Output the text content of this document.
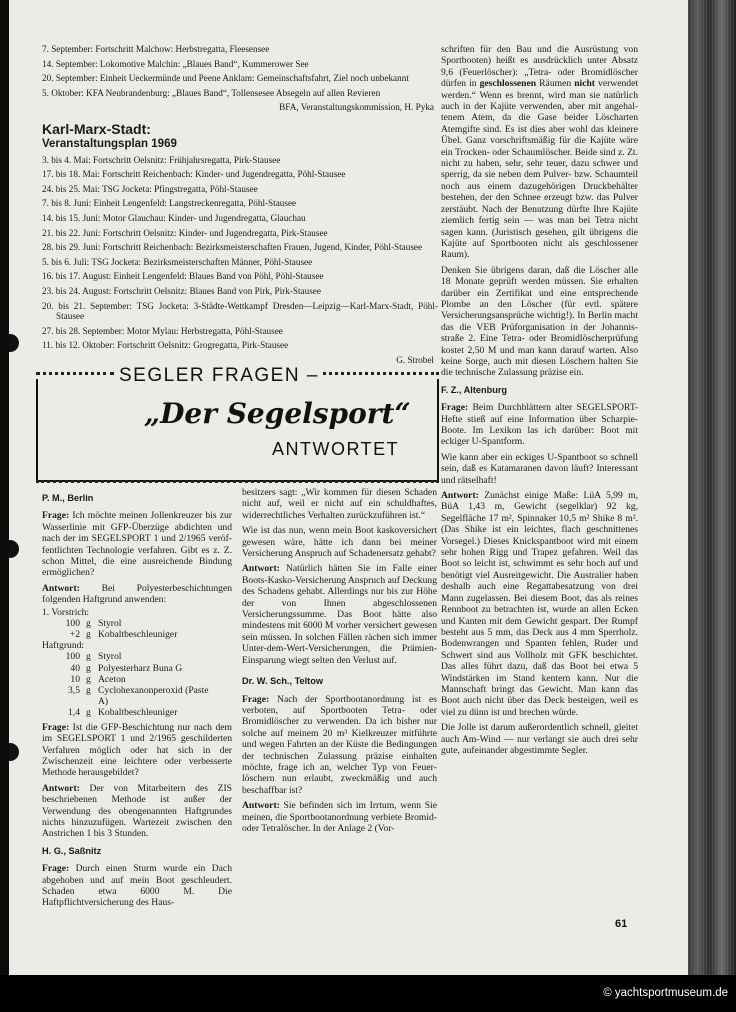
7. September: Fortschritt Malchow: Herbstregatta, Fleesensee

14. September: Lokomotive Malchin: „Blaues Band“, Kummerower See

20. September: Einheit Ueckermünde und Peene Anklam: Gemeinschaftsfahrt, Ziel noch unbekannt

5. Oktober: KFA Neubrandenburg: „Blaues Band“, Tollensesee Absegeln auf allen Revieren

BFA, Veranstaltungskommission, H. Pyka
Karl-Marx-Stadt:
Veranstaltungsplan 1969

3. bis 4. Mai: Fortschritt Oelsnitz: Frühjahrsregatta, Pirk-Stausee

17. bis 18. Mai: Fortschritt Reichenbach: Kinder- und Jugendregatta, Pöhl-Stausee

24. bis 25. Mai: TSG Jocketa: Pfingstregatta, Pöhl-Stausee

7. bis 8. Juni: Einheit Lengenfeld: Langstreckenregatta, Pöhl-Stausee

14. bis 15. Juni: Motor Glauchau: Kinder- und Jugendregatta, Glauchau

21. bis 22. Juni: Fortschritt Oelsnitz: Kinder- und Jugendregatta, Pirk-Stausee

28. bis 29. Juni: Fortschritt Reichenbach: Bezirksmeisterschaften Frauen, Jugend, Kinder, Pöhl-Stausee

5. bis 6. Juli: TSG Jocketa: Bezirksmeisterschaften Männer, Pöhl-Stausee

16. bis 17. August: Einheit Lengenfeld: Blaues Band von Pöhl, Pöhl-Stausee

23. bis 24. August: Fortschritt Oelsnitz: Blaues Band von Pirk, Pirk-Stausee

20. bis 21. September: TSG Jocketa: 3-Städte-Wettkampf Dresden—Leipzig—Karl-Marx-Stadt, Pöhl-Stausee

27. bis 28. September: Motor Mylau: Herbstregatta, Pöhl-Stausee

11. bis 12. Oktober: Fortschritt Oelsnitz: Grogregatta, Pirk-Stausee

G. Strobel
SEGLER FRAGEN –
„Der Segelsport“
ANTWORTET
P. M., Berlin

Frage: Ich möchte meinen Jollenkreuzer bis zur Wasserlinie mit GFP-Überzüge abdichten und nach der im SEGELSPORT 1 und 2/1965 veröffentlichten Technologie verfahren. Gibt es z. Z. schon Mittel, die eine ausreichende Bindung ermöglichen?

Antwort: Bei Polyesterbeschichtungen folgenden Haftgrund anwenden:

1. Vorstrich:
100 g Styrol
+2 g Kobaltbeschleuniger
Haftgrund:
100 g Styrol
40 g Polyesterharz Buna G
10 g Aceton
3,5 g Cyclohexanonperoxid (Paste A)
1,4 g Kobaltbeschleuniger

Frage: Ist die GFP-Beschichtung nur nach dem im SEGELSPORT 1 und 2/1965 geschilderten Verfahren möglich oder hat sich in der Zwischenzeit eine leichtere oder verbesserte Methode herausgebildet?

Antwort: Der von Mitarbeitern des ZIS beschriebenen Methode ist außer der Verwendung des obengenannten Haftgrundes nichts hinzuzufügen. Wartezeit zwischen den Anstrichen 1 bis 3 Stunden.

H. G., Saßnitz

Frage: Durch einen Sturm wurde ein Dach abgehoben und auf mein Boot geschleudert. Schaden etwa 6000 M. Die Haftpflichtversicherung des Haus-

besitzers sagt: „Wir kommen für diesen Schaden nicht auf, weil er nicht auf ein schuldhaftes, widerrechtliches Verhalten zurückzuführen ist.“

Wie ist das nun, wenn mein Boot kaskoversichert gewesen wäre, hätte ich dann bei meiner Versicherung Anspruch auf Schadenersatz gehabt?

Antwort: Natürlich hätten Sie im Falle einer Boots-Kasko-Versicherung Anspruch auf Deckung des Schadens gehabt. Allerdings nur bis zur Höhe der von Ihnen abgeschlossenen Versicherungssumme. Das Boot hätte also mindestens mit 6000 M vorher versichert gewesen sein müssen. In solchen Fällen rächen sich immer Unter-dem-Wert-Versicherungen, die Prämien-Einsparung wiegt selten den Verlust auf.

Dr. W. Sch., Teltow

Frage: Nach der Sportbootanordnung ist es verboten, auf Sportbooten Tetra- oder Bromidlöscher zu verwenden. Da ich bisher nur solche auf meinem 20 m³ Kielkreuzer mitführte und wegen Fahrten an der Küste die Bedingungen der technischen Zulassung präzise einhalten möchte, frage ich an, welcher Typ von Feuerlöschern nun erlaubt, zweckmäßig und auch beschaffbar ist?

Antwort: Sie befinden sich im Irrtum, wenn Sie meinen, die Sportbootanordnung verbiete Bromid- oder Tetralöscher. In der Anlage 2 (Vor-

schriften für den Bau und die Ausrüstung von Sportbooten) heißt es ausdrücklich unter Absatz 9,6 (Feuerlöscher): „Tetra- oder Bromidlöscher dürfen in geschlossenen Räumen nicht verwendet werden.“ Wenn es brennt, wird man sie natürlich auch in der Kajüte verwenden, aber mit angehaltenem Atem, da die Gase beider Löscharten Atemgifte sind. Es ist dies aber wohl das kleinere Übel. Ganz vorschriftsmäßig für die Kajüte wäre ein Trocken- oder Schaumlöscher. Beide sind z. Zt. nicht zu haben, sehr, sehr teuer, dazu schwer und sperrig, da sie neben dem Pulver- bzw. Schaumteil noch aus einem dazugehörigen Druckbehälter bestehen, der den Schnee erzeugt bzw. das Pulver zerstäubt. Nach der Benutzung dürfte Ihre Kajüte ziemlich fertig sein — was man bei Tetra nicht sagen kann. (Juristisch gesehen, gilt übrigens die Kajüte auf Sportbooten nicht als geschlossener Raum).

Denken Sie übrigens daran, daß die Löscher alle 18 Monate geprüft werden müssen. Sie erhalten darüber ein Zertifikat und eine entsprechende Plombe an den Löscher (für evtl. spätere Versicherungsansprüche wichtig!). In Berlin macht das die VEB Prüforganisation in der Johannisstraße 2. Eine Tetra- oder Bromidlöscherprüfung kostet 2,50 M und man kann darauf warten. Also keine Sorge, auch mit diesen Löschern halten Sie die technische Zulassung präzise ein.

F. Z., Altenburg

Frage: Beim Durchblättern alter SEGELSPORT-Hefte stieß auf eine Information über Scharpie-Boote. Im Lexikon las ich darüber: Boot mit eckiger U-Spantform.

Wie kann aber ein eckiges U-Spantboot so schnell sein, daß es Katamaranen davon läuft? Interessant und rätselhaft!

Antwort: Zunächst einige Maße: LüA 5,99 m, BüA 1,43 m, Gewicht (segelklar) 92 kg, Segelfläche 17 m², Spinnaker 10,5 m² Shike 8 m². (Das Shike ist ein leichtes, flach geschnittenes Vorsegel.) Dieses Knickspantboot wird mit einem sehr hohen Rigg und Trapez gefahren. Weil das Boot so leicht ist, schwimmt es sehr hoch auf und benötigt viel Ausreitgewicht. Die Australier haben deshalb auch eine Regattabesatzung von drei Mann zugelassen. Bei diesem Boot, das als reines Rennboot zu betrachten ist, wurde an allen Ecken und Kanten mit dem Gewicht gespart. Der Rumpf besteht aus 5 mm, das Deck aus 4 mm Sperrholz. Bodenwrangen und Spanten fehlen, Ruder und Schwert sind aus Vollholz mit GFK beschichtet. Das alles führt dazu, daß das Boot bei etwa 5 Windstärken im Stand kentern kann. Nur die Mannschaft bringt das Gewicht. Man kann das Boot auch nicht über das Deck besteigen, weil es viel zu dünn ist und brechen würde.

Die Jolle ist darum außerordentlich schnell, gleitet auch Am-Wind — nur verlangt sie auch drei sehr gute, aufeinander abgestimmte Segler.

61
© yachtsportmuseum.de
